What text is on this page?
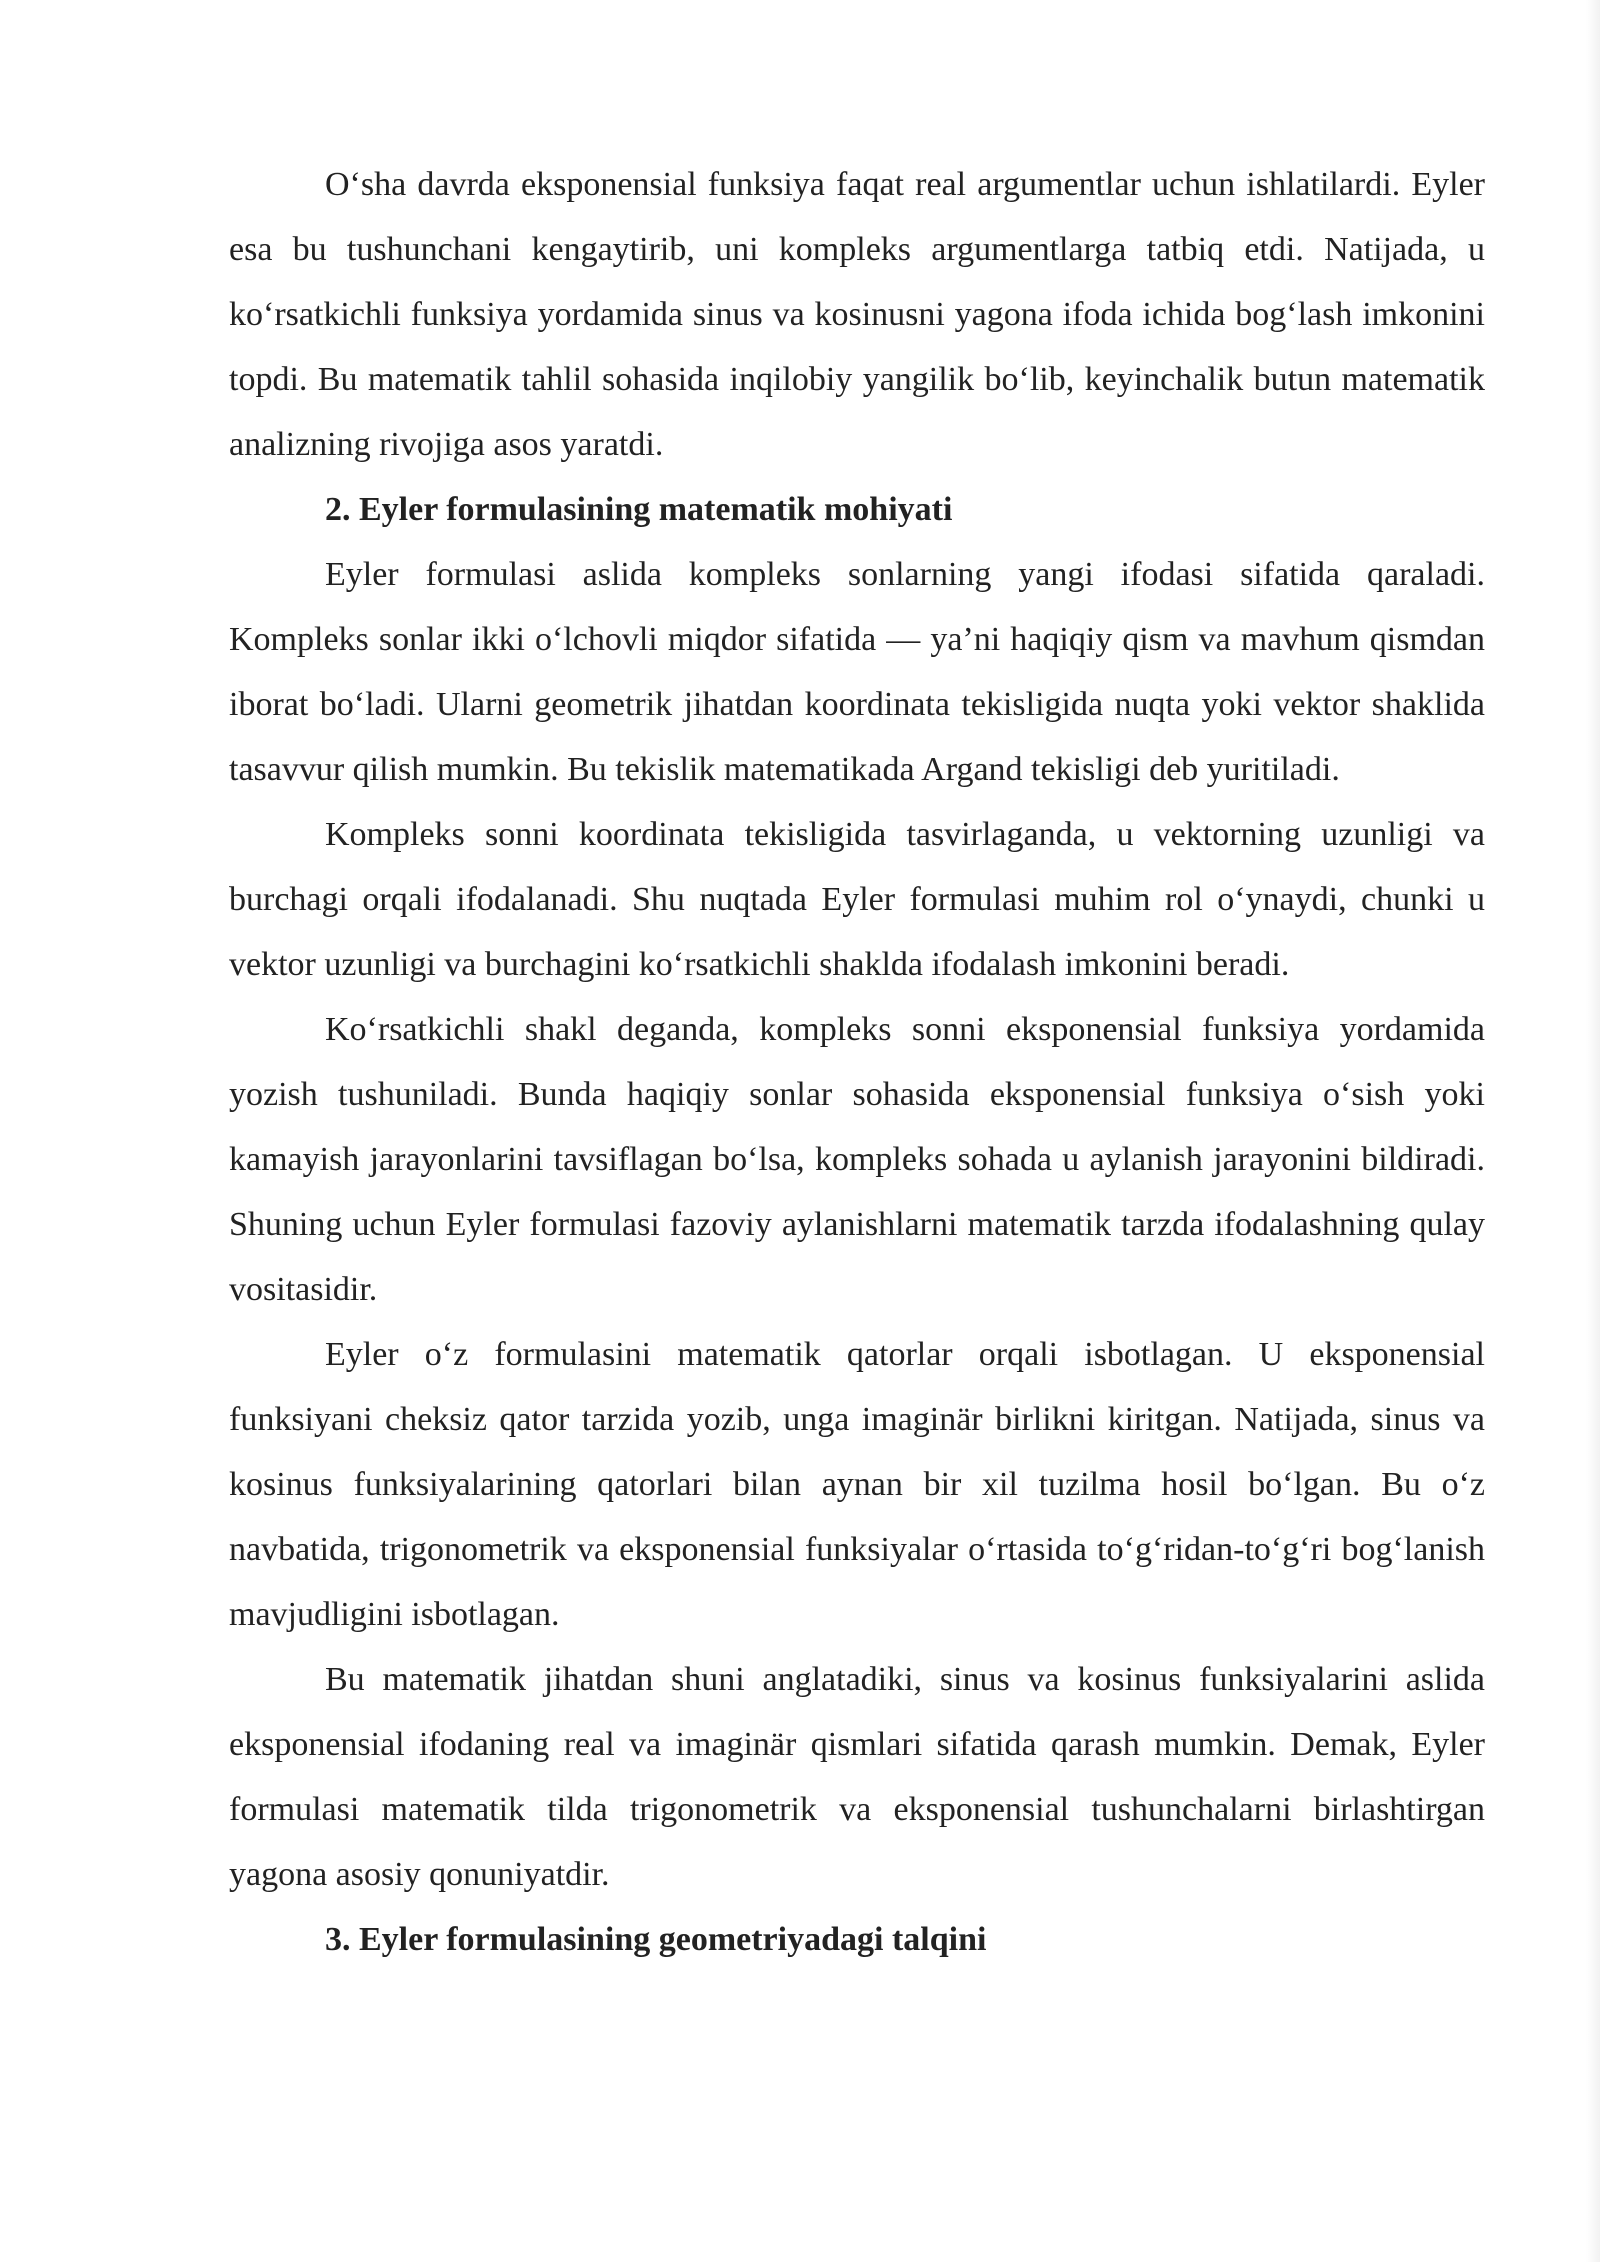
O‘sha davrda eksponensial funksiya faqat real argumentlar uchun ishlatilardi. Eyler esa bu tushunchani kengaytirib, uni kompleks argumentlarga tatbiq etdi. Natijada, u ko‘rsatkichli funksiya yordamida sinus va kosinusni yagona ifoda ichida bog‘lash imkonini topdi. Bu matematik tahlil sohasida inqilobiy yangilik bo‘lib, keyinchalik butun matematik analizning rivojiga asos yaratdi.

2. Eyler formulasining matematik mohiyati

Eyler formulasi aslida kompleks sonlarning yangi ifodasi sifatida qaraladi. Kompleks sonlar ikki o‘lchovli miqdor sifatida — ya’ni haqiqiy qism va mavhum qismdan iborat bo‘ladi. Ularni geometrik jihatdan koordinata tekisligida nuqta yoki vektor shaklida tasavvur qilish mumkin. Bu tekislik matematikada Argand tekisligi deb yuritiladi.

Kompleks sonni koordinata tekisligida tasvirlaganda, u vektorning uzunligi va burchagi orqali ifodalanadi. Shu nuqtada Eyler formulasi muhim rol o‘ynaydi, chunki u vektor uzunligi va burchagini ko‘rsatkichli shaklda ifodalash imkonini beradi.

Ko‘rsatkichli shakl deganda, kompleks sonni eksponensial funksiya yordamida yozish tushuniladi. Bunda haqiqiy sonlar sohasida eksponensial funksiya o‘sish yoki kamayish jarayonlarini tavsiflagan bo‘lsa, kompleks sohada u aylanish jarayonini bildiradi. Shuning uchun Eyler formulasi fazoviy aylanishlarni matematik tarzda ifodalashning qulay vositasidir.

Eyler o‘z formulasini matematik qatorlar orqali isbotlagan. U eksponensial funksiyani cheksiz qator tarzida yozib, unga imaginär birlikni kiritgan. Natijada, sinus va kosinus funksiyalarining qatorlari bilan aynan bir xil tuzilma hosil bo‘lgan. Bu o‘z navbatida, trigonometrik va eksponensial funksiyalar o‘rtasida to‘g‘ridan-to‘g‘ri bog‘lanish mavjudligini isbotlagan.

Bu matematik jihatdan shuni anglatadiki, sinus va kosinus funksiyalarini aslida eksponensial ifodaning real va imaginär qismlari sifatida qarash mumkin. Demak, Eyler formulasi matematik tilda trigonometrik va eksponensial tushunchalarni birlashtirgan yagona asosiy qonuniyatdir.

3. Eyler formulasining geometriyadagi talqini
